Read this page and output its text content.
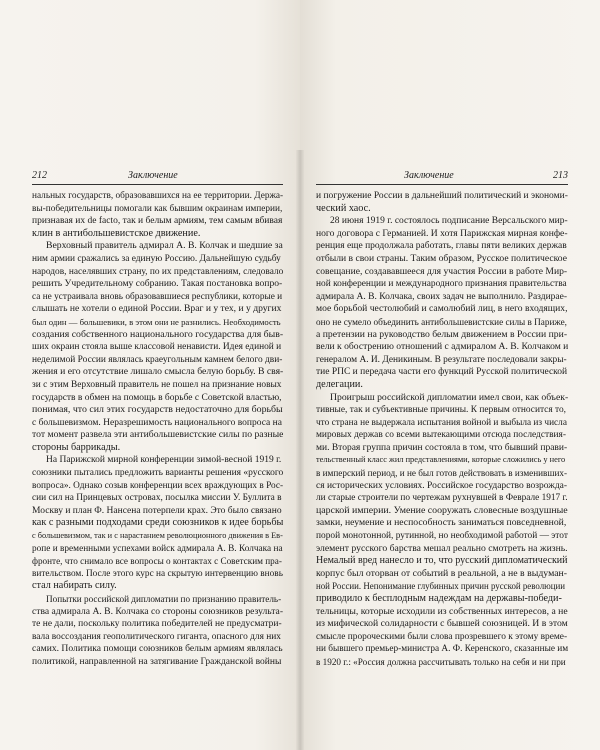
212	Заключение
нальных государств, образовавшихся на ее территории. Держа-
вы-победительницы помогали как бывшим окраинам империи,
признавая их de facto, так и белым армиям, тем самым вбивая
клин в антибольшевистское движение.
Верховный правитель адмирал А. В. Колчак и шедшие за
ним армии сражались за единую Россию. Дальнейшую судьбу
народов, населявших страну, по их представлениям, следовало
решить Учредительному собранию. Такая постановка вопро-
са не устраивала вновь образовавшиеся республики, которые и
слышать не хотели о единой России. Враг и у тех, и у других
был один — большевики, в этом они не разнились. Необходимость
создания собственного национального государства для быв-
ших окраин стояла выше классовой ненависти. Идея единой и
неделимой России являлась краеугольным камнем белого дви-
жения и его отсутствие лишало смысла белую борьбу. В свя-
зи с этим Верховный правитель не пошел на признание новых
государств в обмен на помощь в борьбе с Советской властью,
понимая, что сил этих государств недостаточно для борьбы
с большевизмом. Неразрешимость национального вопроса на
тот момент развела эти антибольшевистские силы по разные
стороны баррикады.
На Парижской мирной конференции зимой-весной 1919 г.
союзники пытались предложить варианты решения «русского
вопроса». Однако созыв конференции всех враждующих в Рос-
сии сил на Принцевых островах, посылка миссии У. Буллита в
Москву и план Ф. Нансена потерпели крах. Это было связано
как с разными подходами среди союзников к идее борьбы
с большевизмом, так и с нарастанием революционного движения в Ев-
ропе и временными успехами войск адмирала А. В. Колчака на
фронте, что снимало все вопросы о контактах с Советским пра-
вительством. После этого курс на скрытую интервенцию вновь
стал набирать силу.
Попытки российской дипломатии по признанию правитель-
ства адмирала А. В. Колчака со стороны союзников результа-
те не дали, поскольку политика победителей не предусматри-
вала воссоздания геополитического гиганта, опасного для них
самих. Политика помощи союзников белым армиям являлась
политикой, направленной на затягивание Гражданской войны
Заключение	213
и погружение России в дальнейший политический и экономи-
ческий хаос.
28 июня 1919 г. состоялось подписание Версальского мир-
ного договора с Германией. И хотя Парижская мирная конфе-
ренция еще продолжала работать, главы пяти великих держав
отбыли в свои страны. Таким образом, Русское политическое
совещание, создававшееся для участия России в работе Мир-
ной конференции и международного признания правительства
адмирала А. В. Колчака, своих задач не выполнило. Раздирае-
мое борьбой честолюбий и самолюбий лиц, в него входящих,
оно не сумело объединить антибольшевистские силы в Париже,
а претензии на руководство белым движением в России при-
вели к обострению отношений с адмиралом А. В. Колчаком и
генералом А. И. Деникиным. В результате последовали закры-
тие РПС и передача части его функций Русской политической
делегации.
Проигрыш российской дипломатии имел свои, как объек-
тивные, так и субъективные причины. К первым относится то,
что страна не выдержала испытания войной и выбыла из числа
мировых держав со всеми вытекающими отсюда последствия-
ми. Вторая группа причин состояла в том, что бывший прави-
тельственный класс жил представлениями, которые сложились у него
в имперский период, и не был готов действовать в изменивших-
ся исторических условиях. Российское государство возрожда-
ли старые строители по чертежам рухнувшей в Феврале 1917 г.
царской империи. Умение сооружать словесные воздушные
замки, неумение и неспособность заниматься повседневной,
порой монотонной, рутинной, но необходимой работой — этот
элемент русского барства мешал реально смотреть на жизнь.
Немалый вред нанесло и то, что русский дипломатический
корпус был оторван от событий в реальной, а не в выдуман-
ной России. Непонимание глубинных причин русской революции
приводило к бесплодным надеждам на державы-победи-
тельницы, которые исходили из собственных интересов, а не
из мифической солидарности с бывшей союзницей. И в этом
смысле пророческими были слова прозревшего к этому време-
ни бывшего премьер-министра А. Ф. Керенского, сказанные им
в 1920 г.: «Россия должна рассчитывать только на себя и ни при
